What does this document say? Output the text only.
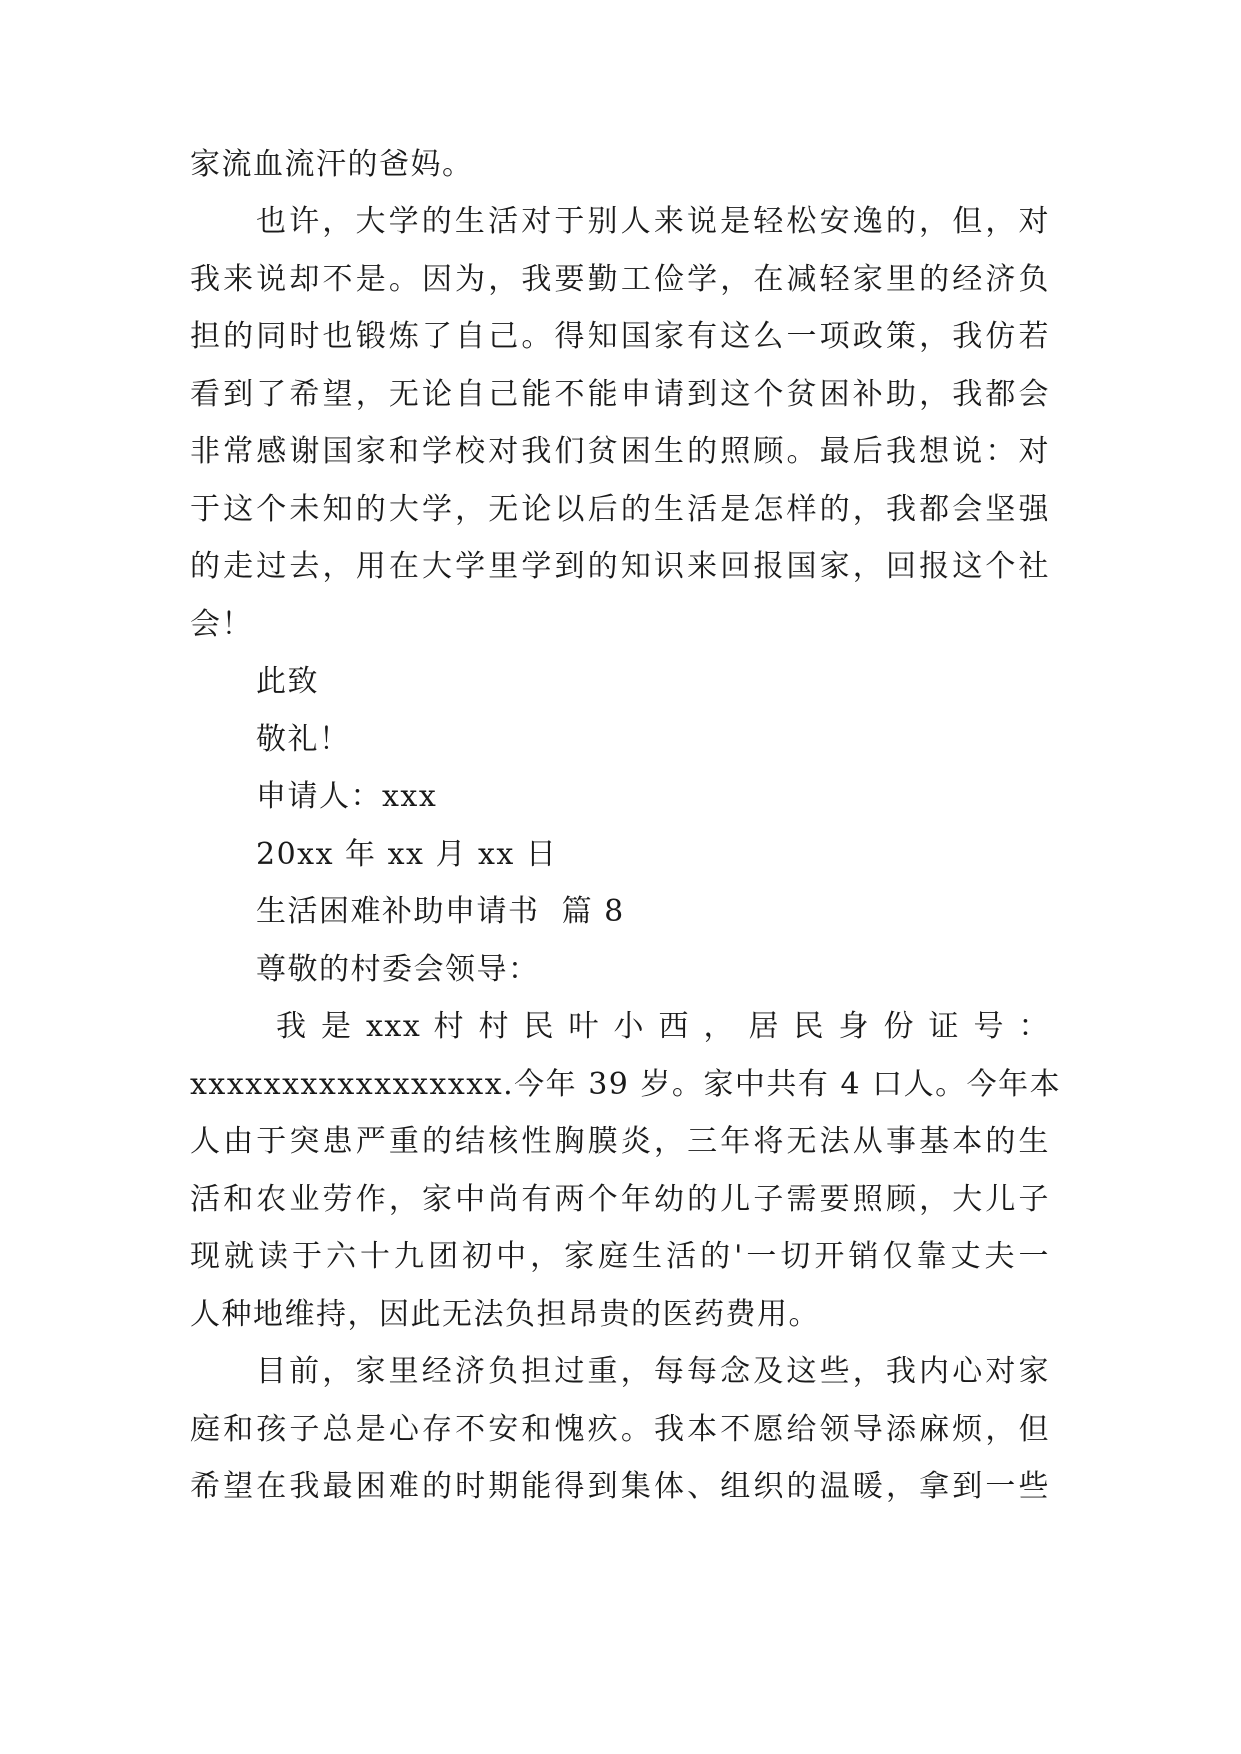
家流血流汗的爸妈。
也许，大学的生活对于别人来说是轻松安逸的，但，对
我来说却不是。因为，我要勤工俭学，在减轻家里的经济负
担的同时也锻炼了自己。得知国家有这么一项政策，我仿若
看到了希望，无论自己能不能申请到这个贫困补助，我都会
非常感谢国家和学校对我们贫困生的照顾。最后我想说：对
于这个未知的大学，无论以后的生活是怎样的，我都会坚强
的走过去，用在大学里学到的知识来回报国家，回报这个社
会！
此致
敬礼！
申请人：xxx
20xx 年 xx 月 xx 日
生活困难补助申请书  篇 8
尊敬的村委会领导：
我 是 xxx 村 村 民 叶 小 西 ， 居 民 身 份 证 号 ：
xxxxxxxxxxxxxxxxx.今年 39 岁。家中共有 4 口人。今年本
人由于突患严重的结核性胸膜炎，三年将无法从事基本的生
活和农业劳作，家中尚有两个年幼的儿子需要照顾，大儿子
现就读于六十九团初中，家庭生活的'一切开销仅靠丈夫一
人种地维持，因此无法负担昂贵的医药费用。
目前，家里经济负担过重，每每念及这些，我内心对家
庭和孩子总是心存不安和愧疚。我本不愿给领导添麻烦，但
希望在我最困难的时期能得到集体、组织的温暖，拿到一些
